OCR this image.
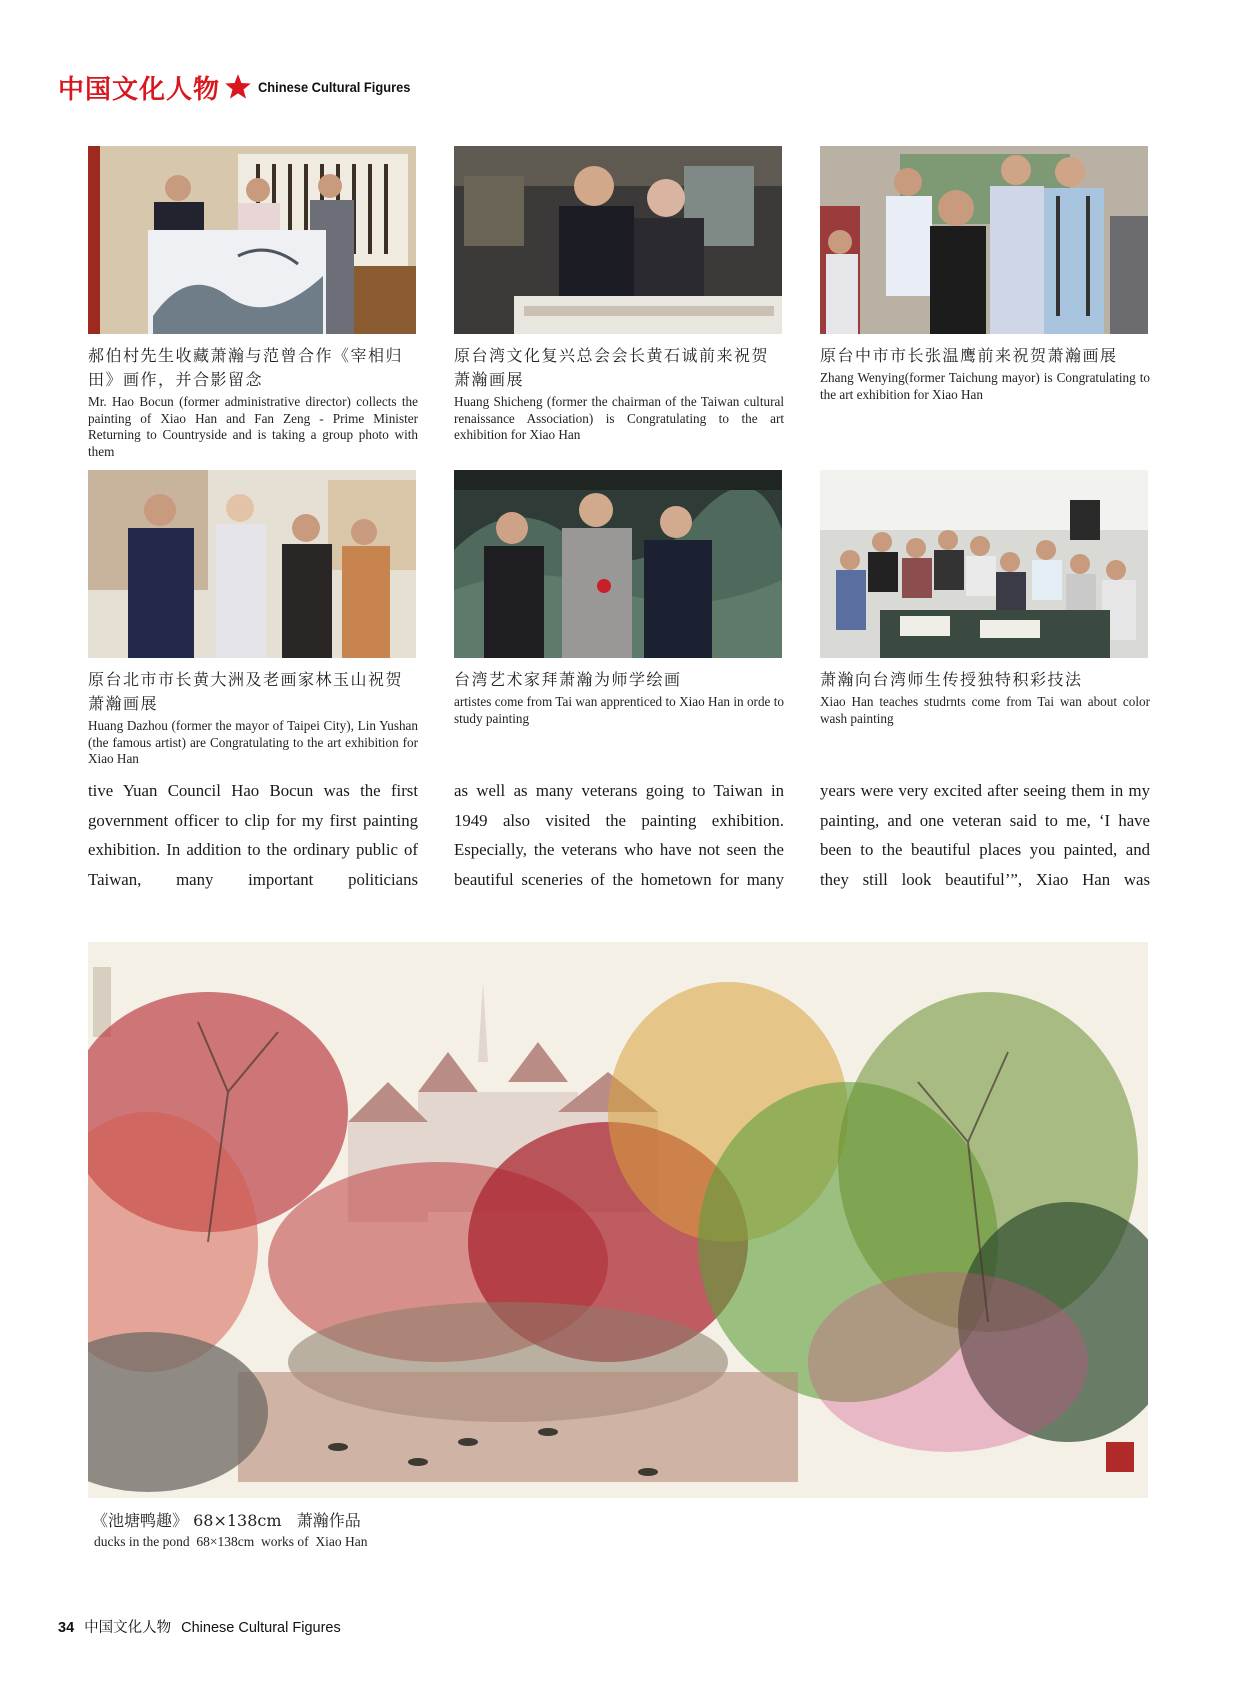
中国文化人物	Chinese Cultural Figures

郝伯村先生收藏萧瀚与范曾合作《宰相归田》画作，并合影留念

Mr. Hao Bocun (former administrative director) collects the painting of Xiao Han and Fan Zeng - Prime Minister Returning to Countryside and is taking a group photo with them

原台湾文化复兴总会会长黄石诚前来祝贺萧瀚画展

Huang Shicheng (former the chairman of the Taiwan cultural renaissance Association) is Congratulating to the art exhibition for Xiao Han

原台中市市长张温鹰前来祝贺萧瀚画展

Zhang Wenying(former Taichung mayor) is Congratulating to the art exhibition for Xiao Han

原台北市市长黄大洲及老画家林玉山祝贺萧瀚画展

Huang Dazhou (former the mayor of Taipei City), Lin Yushan (the famous artist) are Congratulating to the art exhibition for Xiao Han

台湾艺术家拜萧瀚为师学绘画

artistes come from Tai wan apprenticed to Xiao Han in orde to study painting

萧瀚向台湾师生传授独特积彩技法

Xiao Han teaches studrnts come from Tai wan about color wash painting

tive Yuan Council Hao Bocun was the first government officer to clip for my first painting exhibition. In addition to the ordinary public of Taiwan, many important politicians

as well as many veterans going to Taiwan in 1949 also visited the painting exhibition. Especially, the veterans who have not seen the beautiful sceneries of the hometown for many

years were very excited after seeing them in my painting, and one veteran said to me, ‘I have been to the beautiful places you painted, and they still look beautiful’”, Xiao Han was

《池塘鸭趣》 68×138cm   萧瀚作品

ducks in the pond  68×138cm  works of  Xiao Han

34 中国文化人物 Chinese Cultural Figures
